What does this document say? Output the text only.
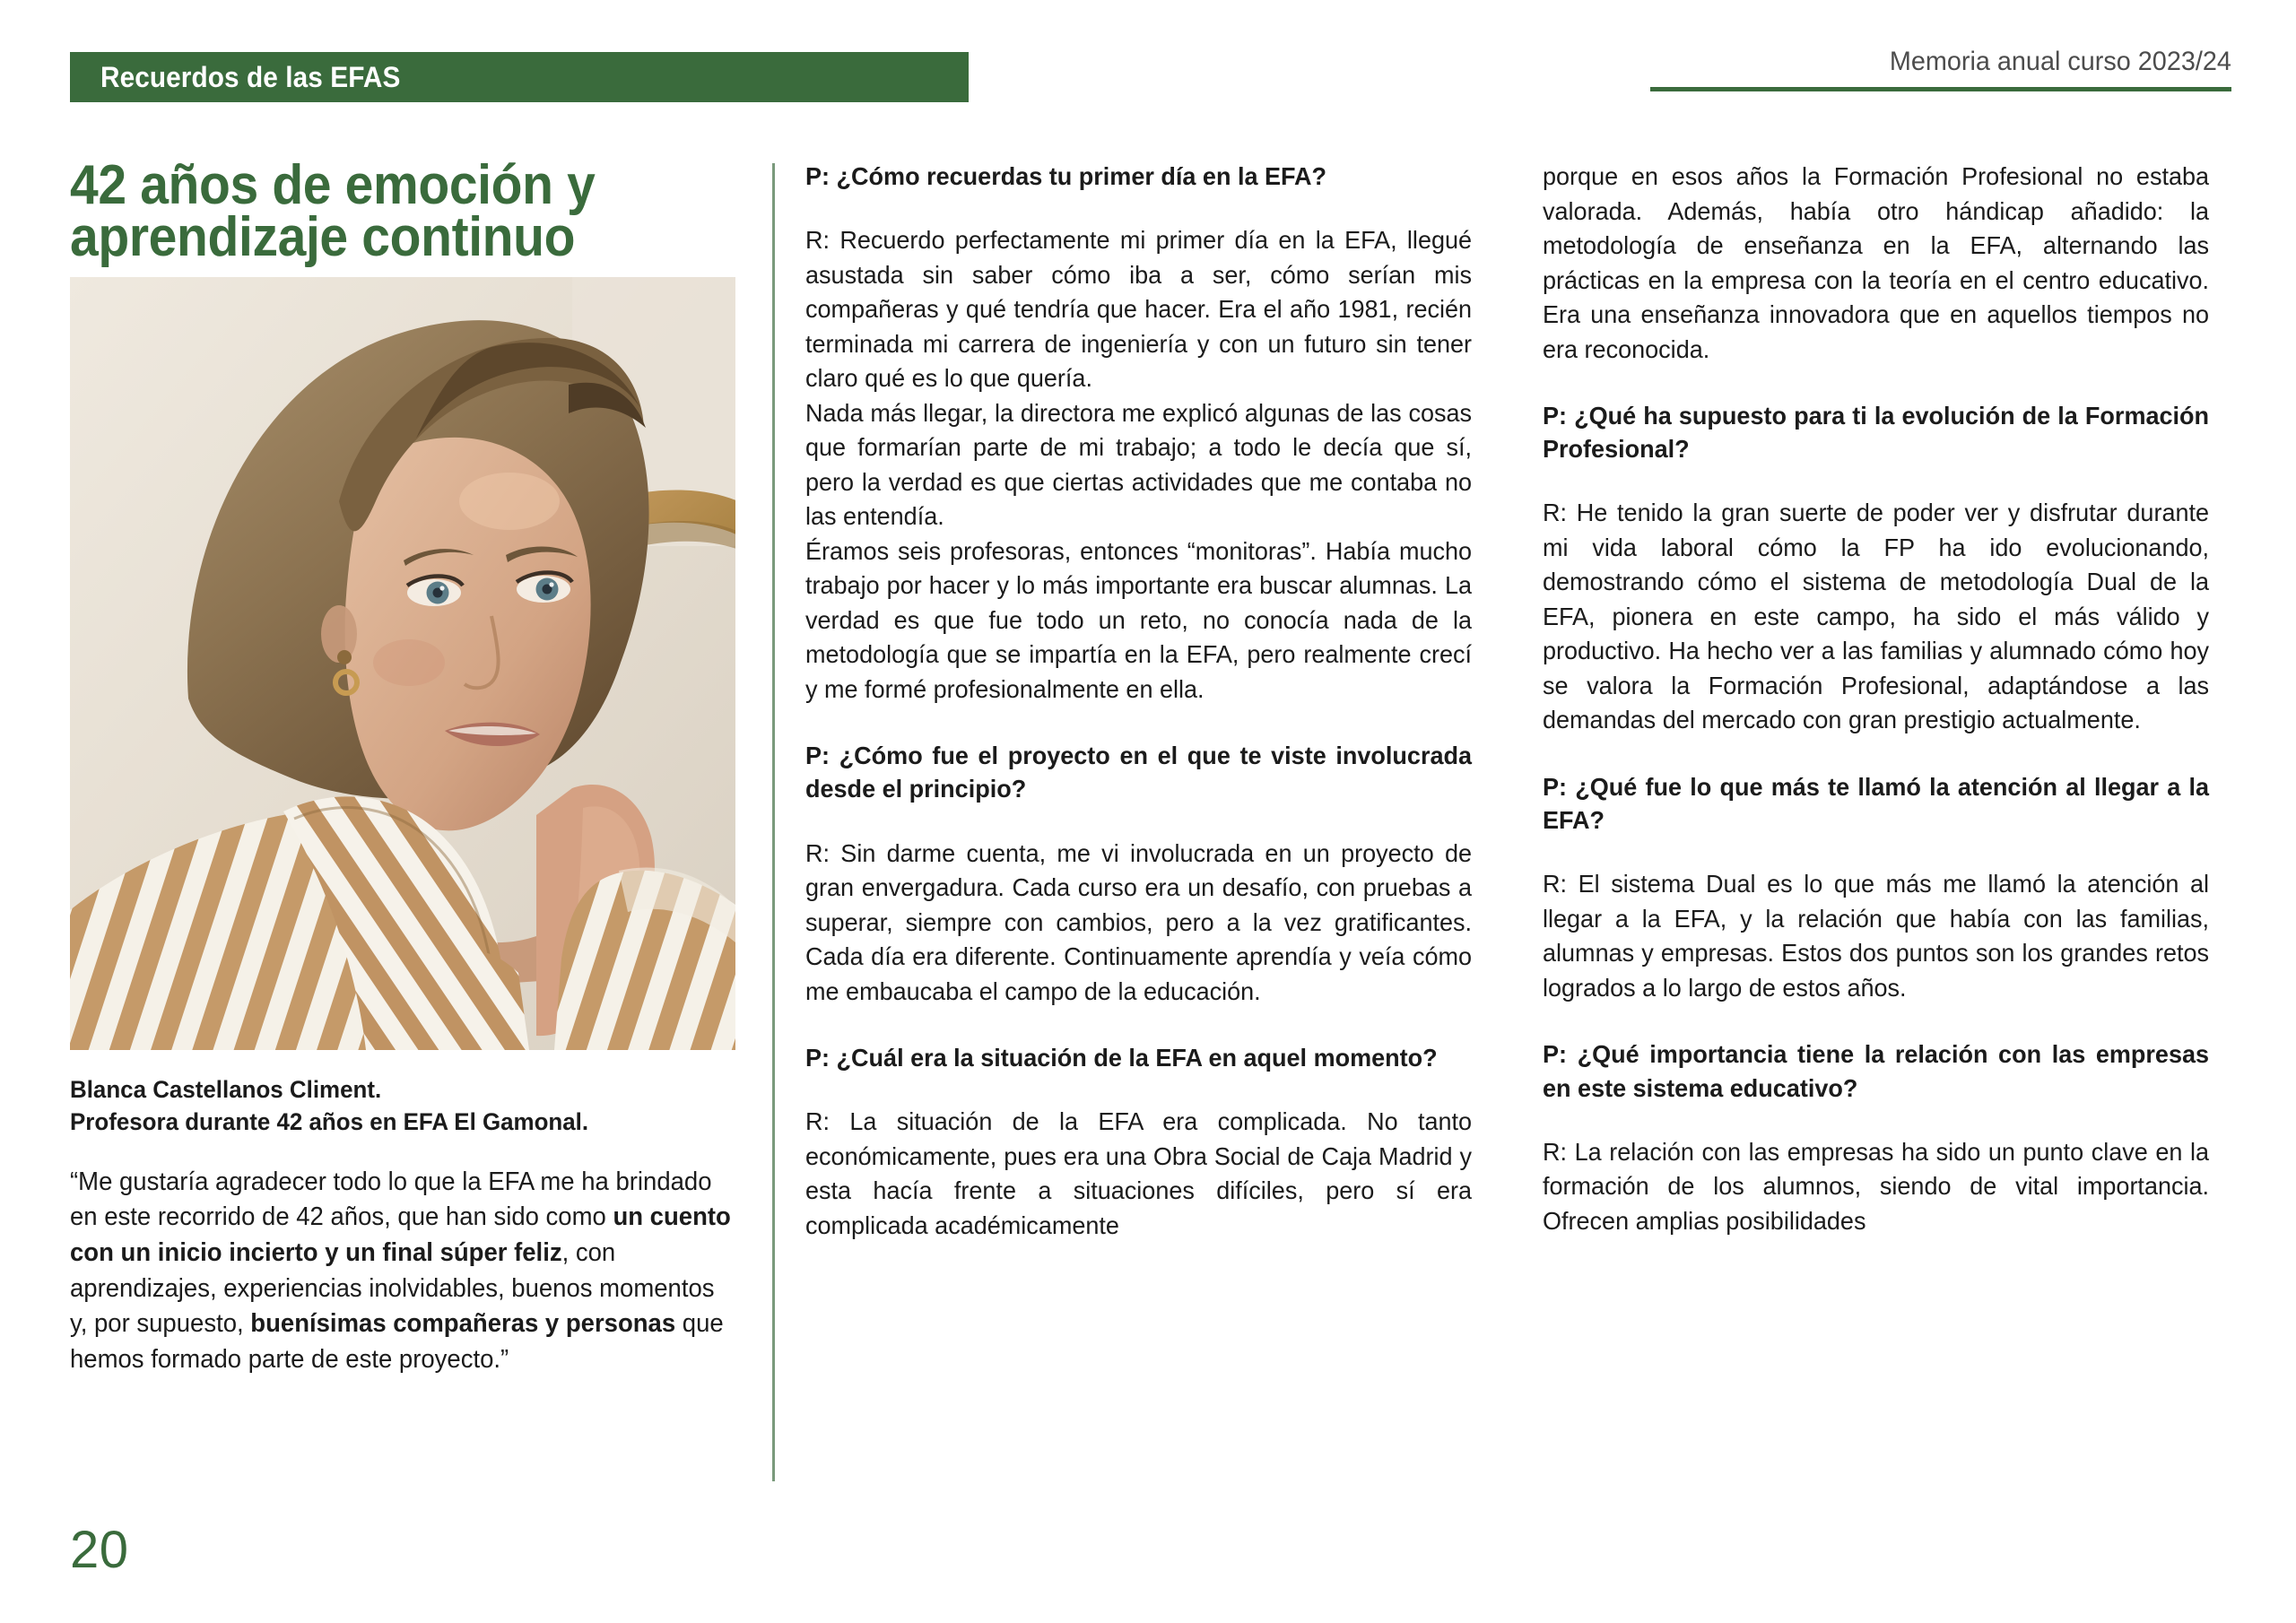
Recuerdos de las EFAS	Memoria anual curso 2023/24
42 años de emoción y aprendizaje continuo
Blanca Castellanos Climent.
Profesora durante 42 años en EFA El Gamonal.
“Me gustaría agradecer todo lo que la EFA me ha brindado en este recorrido de 42 años, que han sido como un cuento con un inicio incierto y un final súper feliz, con aprendizajes, experiencias inolvidables, buenos momentos y, por supuesto, buenísimas compañeras y personas que hemos formado parte de este proyecto.”
P: ¿Cómo recuerdas tu primer día en la EFA?
R: Recuerdo perfectamente mi primer día en la EFA, llegué asustada sin saber cómo iba a ser, cómo serían mis compañeras y qué tendría que hacer. Era el año 1981, recién terminada mi carrera de ingeniería y con un futuro sin tener claro qué es lo que quería.
Nada más llegar, la directora me explicó algunas de las cosas que formarían parte de mi trabajo; a todo le decía que sí, pero la verdad es que ciertas actividades que me contaba no las entendía.
Éramos seis profesoras, entonces “monitoras”. Había mucho trabajo por hacer y lo más importante era buscar alumnas. La verdad es que fue todo un reto, no conocía nada de la metodología que se impartía en la EFA, pero realmente crecí y me formé profesionalmente en ella.
P: ¿Cómo fue el proyecto en el que te viste involucrada desde el principio?
R: Sin darme cuenta, me vi involucrada en un proyecto de gran envergadura. Cada curso era un desafío, con pruebas a superar, siempre con cambios, pero a la vez gratificantes. Cada día era diferente. Continuamente aprendía y veía cómo me embaucaba el campo de la educación.
P: ¿Cuál era la situación de la EFA en aquel momento?
R: La situación de la EFA era complicada. No tanto económicamente, pues era una Obra Social de Caja Madrid y esta hacía frente a situaciones difíciles, pero sí era complicada académicamente
porque en esos años la Formación Profesional no estaba valorada. Además, había otro hándicap añadido: la metodología de enseñanza en la EFA, alternando las prácticas en la empresa con la teoría en el centro educativo. Era una enseñanza innovadora que en aquellos tiempos no era reconocida.
P: ¿Qué ha supuesto para ti la evolución de la Formación Profesional?
R: He tenido la gran suerte de poder ver y disfrutar durante mi vida laboral cómo la FP ha ido evolucionando, demostrando cómo el sistema de metodología Dual de la EFA, pionera en este campo, ha sido el más válido y productivo. Ha hecho ver a las familias y alumnado cómo hoy se valora la Formación Profesional, adaptándose a las demandas del mercado con gran prestigio actualmente.
P: ¿Qué fue lo que más te llamó la atención al llegar a la EFA?
R: El sistema Dual es lo que más me llamó la atención al llegar a la EFA, y la relación que había con las familias, alumnas y empresas. Estos dos puntos son los grandes retos logrados a lo largo de estos años.
P: ¿Qué importancia tiene la relación con las empresas en este sistema educativo?
R: La relación con las empresas ha sido un punto clave en la formación de los alumnos, siendo de vital importancia. Ofrecen amplias posibilidades
20
